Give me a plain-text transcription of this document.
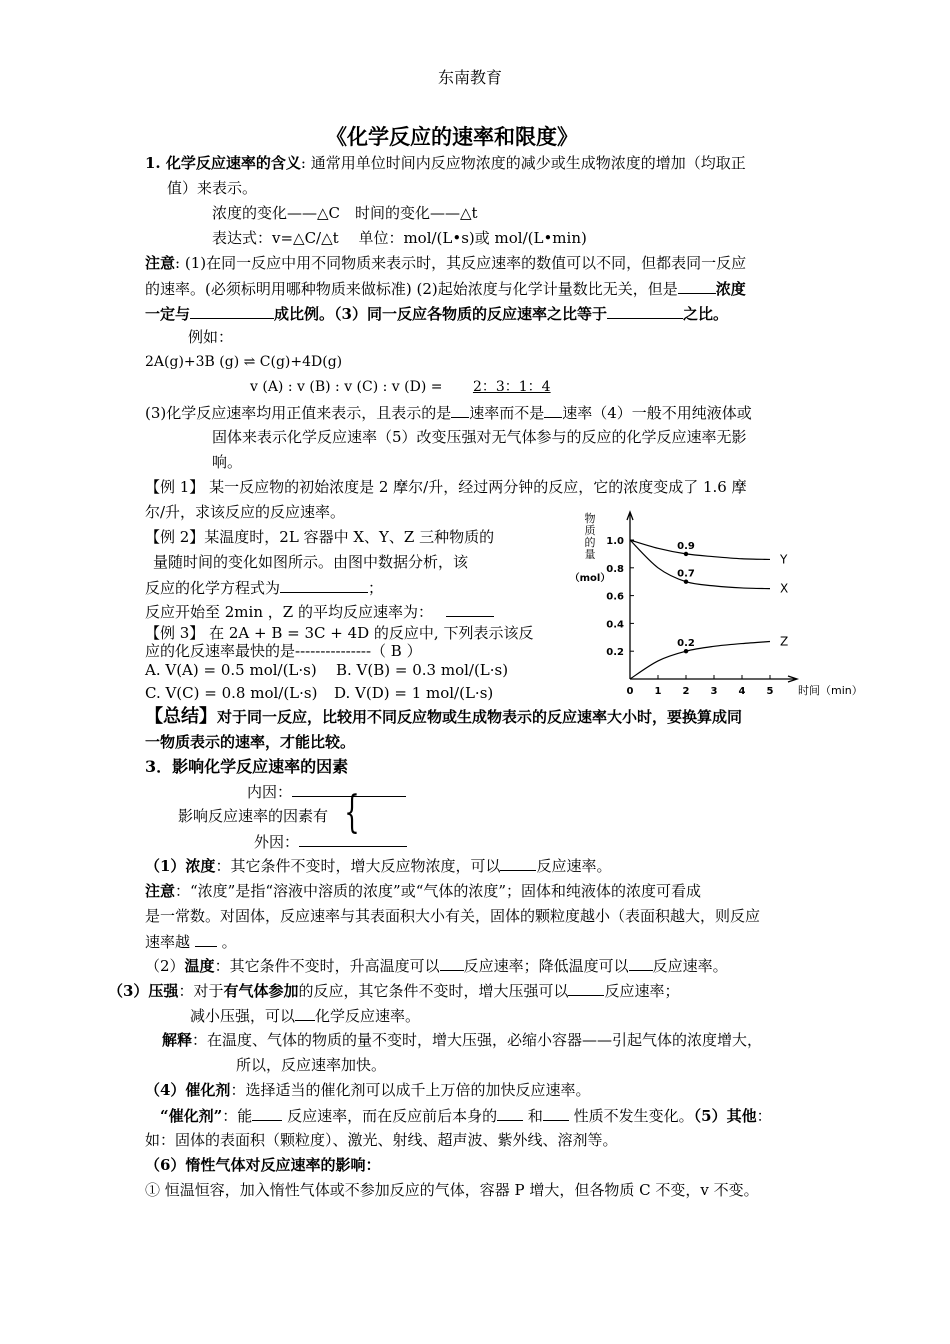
东南教育
《化学反应的速率和限度》
1. 化学反应速率的含义: 通常用单位时间内反应物浓度的减少或生成物浓度的增加（均取正
值）来表示。
浓度的变化——△C　时间的变化——△t
表达式：v=△C/△t　 单位：mol/(L•s)或 mol/(L•min)
注意: (1)在同一反应中用不同物质来表示时，其反应速率的数值可以不同，但都表同一反应
的速率。(必须标明用哪种物质来做标准) (2)起始浓度与化学计量数比无关，但是	浓度
一定与	成比例。（3）同一反应各物质的反应速率之比等于	之比。
例如：
2A(g)+3B (g) ⇌ C(g)+4D(g)
v (A) : v (B) : v (C) : v (D) = 2：3：1：4
(3)化学反应速率均用正值来表示，且表示的是 速率而不是 速率（4）一般不用纯液体或
固体来表示化学反应速率（5）改变压强对无气体参与的反应的化学反应速率无影
响。
【例 1】 某一反应物的初始浓度是 2 摩尔/升，经过两分钟的反应，它的浓度变成了 1.6 摩
尔/升，求该反应的反应速率。
【例 2】某温度时，2L 容器中 X、Y、Z 三种物质的
量随时间的变化如图所示。由图中数据分析，该
反应的化学方程式为	；
反应开始至 2min ，Z 的平均反应速率为：
【例 3】 在 2A + B = 3C + 4D 的反应中, 下列表示该反
应的化反速率最快的是---------------（ B ）
A. V(A) = 0.5 mol/(L·s) B. V(B) = 0.3 mol/(L·s)
C. V(C) = 0.8 mol/(L·s) D. V(D) = 1 mol/(L·s)
物
质
的
量
（mol）
0.2
0.4
0.6
0.8
1.0
0 1 2 3 4 5 时间（min）
0.9
Y
0.7
X
0.2	Z
【总结】对于同一反应，比较用不同反应物或生成物表示的反应速率大小时，要换算成同
一物质表示的速率，才能比较。
3．影响化学反应速率的因素
内因：
影响反应速率的因素有 {
外因：
（1）浓度：其它条件不变时，增大反应物浓度，可以 反应速率。
注意：“浓度”是指“溶液中溶质的浓度”或“气体的浓度”；固体和纯液体的浓度可看成
是一常数。对固体，反应速率与其表面积大小有关，固体的颗粒度越小（表面积越大，则反应
速率越 。
（2）温度：其它条件不变时，升高温度可以 反应速率；降低温度可以 反应速率。
（3）压强：对于有气体参加的反应，其它条件不变时，增大压强可以 反应速率；
减小压强，可以 化学反应速率。
解释：在温度、气体的物质的量不变时，增大压强，必缩小容器——引起气体的浓度增大，
所以，反应速率加快。
（4）催化剂：选择适当的催化剂可以成千上万倍的加快反应速率。
“催化剂”：能 反应速率，而在反应前后本身的 和 性质不发生变化。（5）其他：
如：固体的表面积（颗粒度）、激光、射线、超声波、紫外线、溶剂等。
（6）惰性气体对反应速率的影响：
① 恒温恒容，加入惰性气体或不参加反应的气体，容器 P 增大，但各物质 C 不变，v 不变。
